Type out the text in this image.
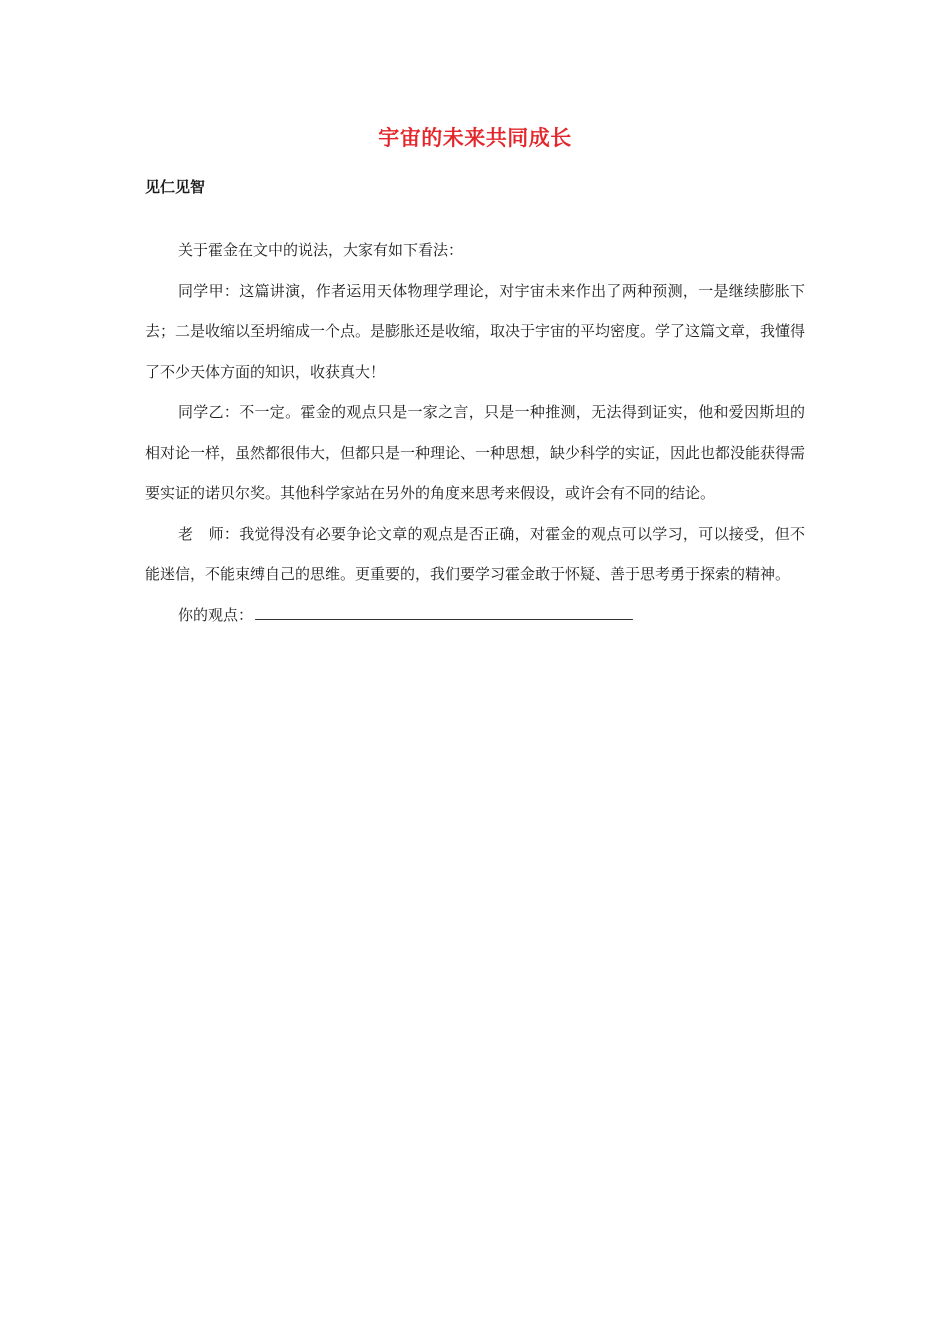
宇宙的未来共同成长
见仁见智

关于霍金在文中的说法，大家有如下看法：

同学甲：这篇讲演，作者运用天体物理学理论，对宇宙未来作出了两种预测，一是继续膨胀下去；二是收缩以至坍缩成一个点。是膨胀还是收缩，取决于宇宙的平均密度。学了这篇文章，我懂得了不少天体方面的知识，收获真大！

同学乙：不一定。霍金的观点只是一家之言，只是一种推测，无法得到证实，他和爱因斯坦的相对论一样，虽然都很伟大，但都只是一种理论、一种思想，缺少科学的实证，因此也都没能获得需要实证的诺贝尔奖。其他科学家站在另外的角度来思考来假设，或许会有不同的结论。

老　师：我觉得没有必要争论文章的观点是否正确，对霍金的观点可以学习，可以接受，但不能迷信，不能束缚自己的思维。更重要的，我们要学习霍金敢于怀疑、善于思考勇于探索的精神。

你的观点：
